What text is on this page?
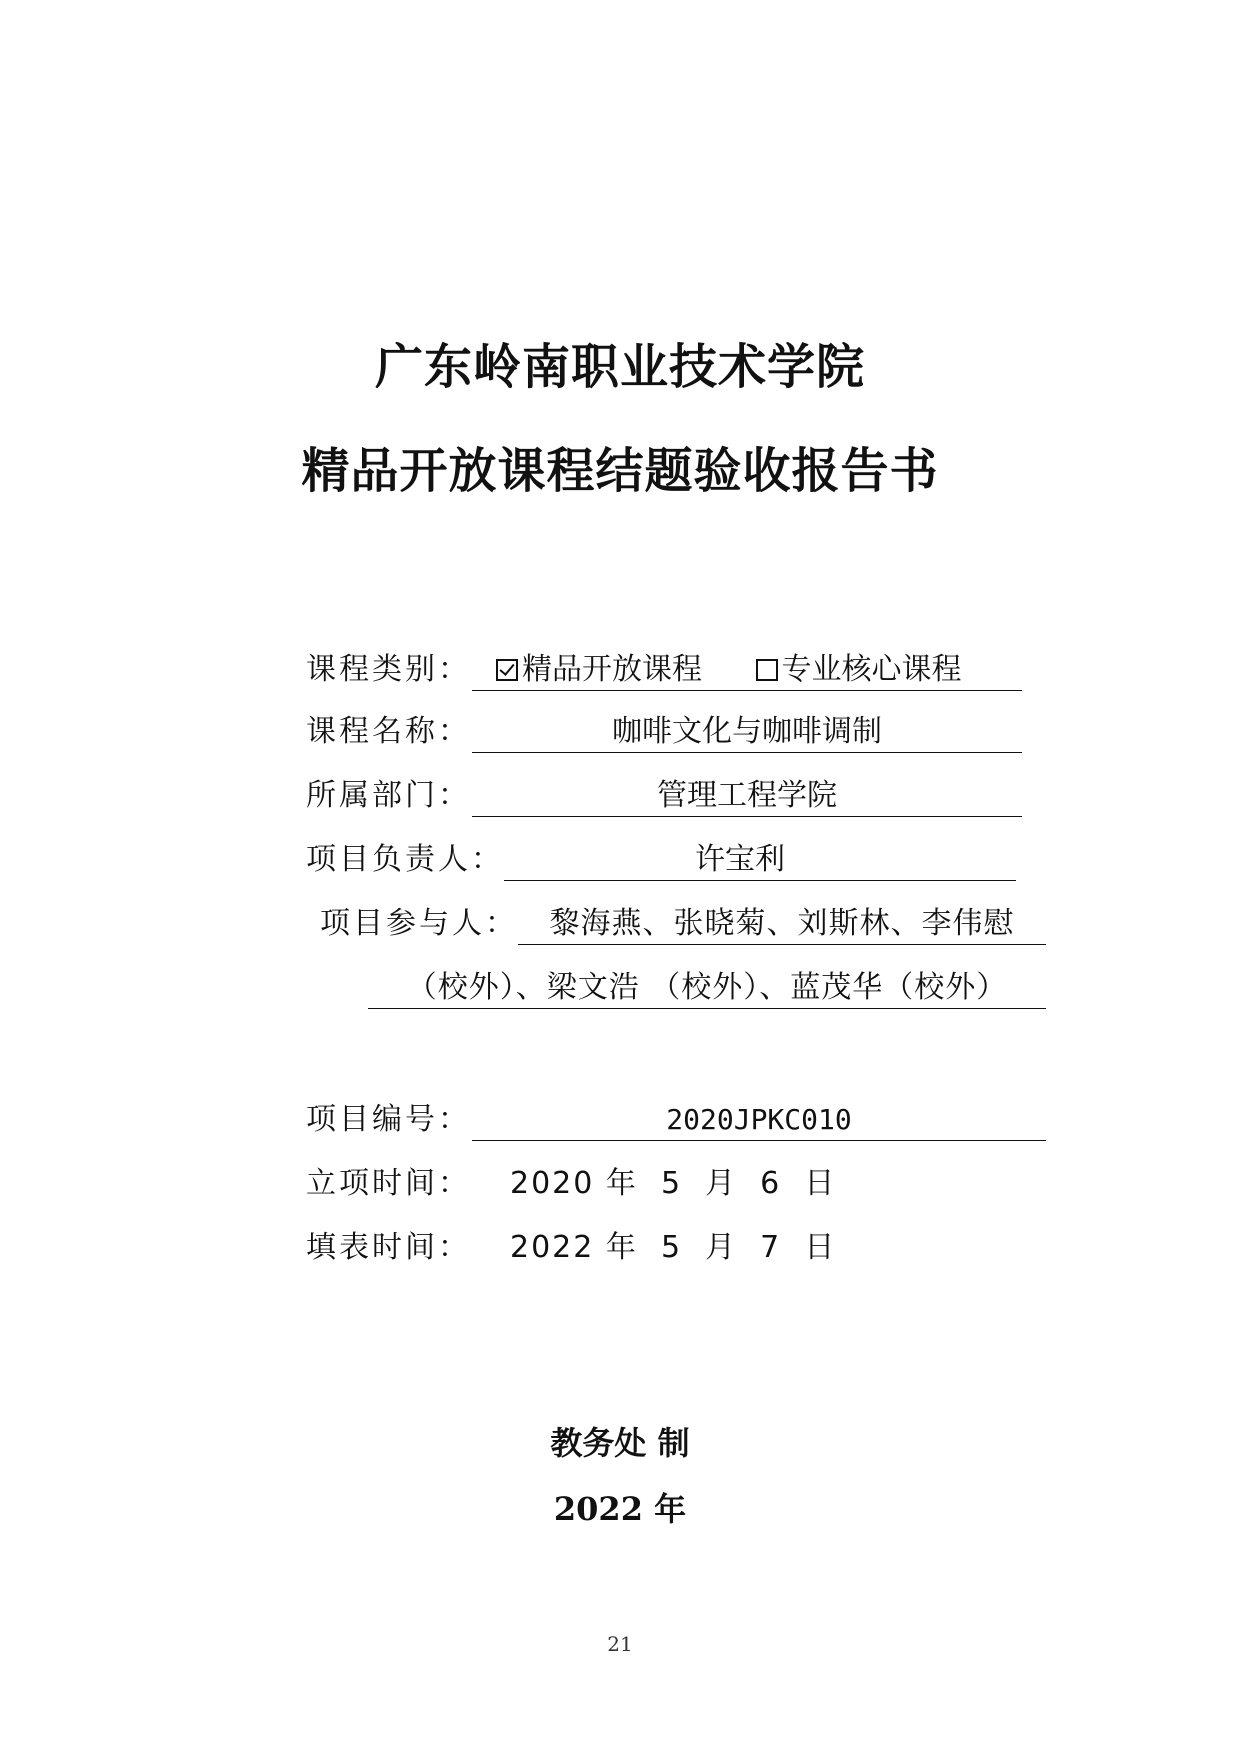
广东岭南职业技术学院
精品开放课程结题验收报告书
课程类别：	精品开放课程	专业核心课程
课程名称：	咖啡文化与咖啡调制
所属部门：	管理工程学院
项目负责人：	许宝利
项目参与人：	黎海燕、张晓菊、刘斯林、李伟慰
（校外）、梁文浩 （校外）、蓝茂华（校外）
项目编号：	2020JPKC010
立项时间： 2020 年  5  月  6  日
填表时间： 2022 年  5  月  7  日
教务处 制
2022 年
21
